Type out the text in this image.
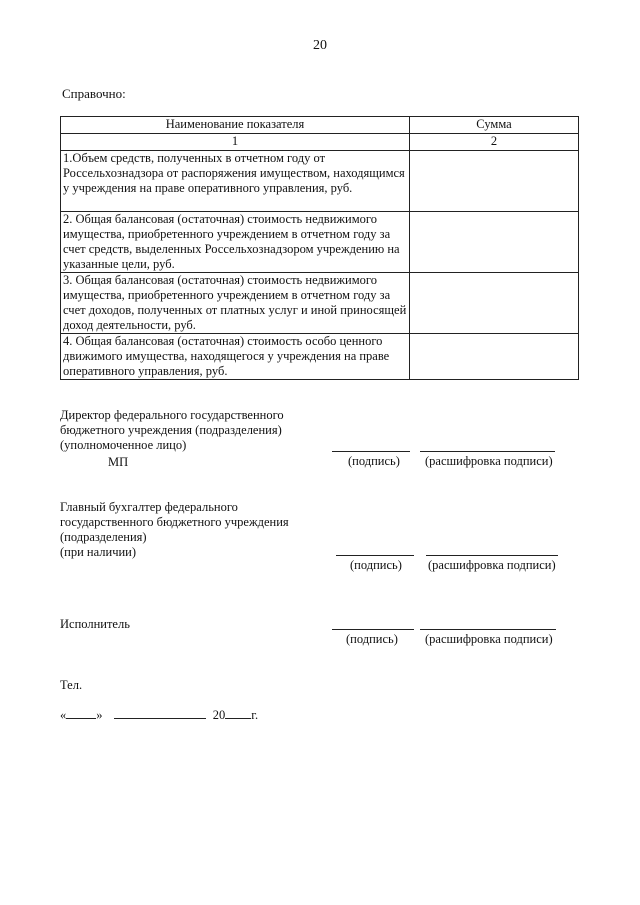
20
Справочно:
Наименование показателя	Сумма
1	2
1.Объем средств, полученных в отчетном году от Россельхознадзора от распоряжения имуществом, находящимся у учреждения на праве оперативного управления, руб.	
2. Общая балансовая (остаточная) стоимость недвижимого имущества, приобретенного учреждением в отчетном году за счет средств, выделенных Россельхознадзором учреждению на указанные цели, руб.	
3. Общая балансовая (остаточная) стоимость недвижимого имущества, приобретенного учреждением в отчетном году за счет доходов, полученных от платных услуг и иной приносящей доход деятельности, руб.	
4. Общая балансовая (остаточная) стоимость особо ценного движимого имущества, находящегося у учреждения на праве оперативного управления, руб.	
Директор федерального государственного
бюджетного учреждения (подразделения)
(уполномоченное лицо)
МП	(подпись) (расшифровка подписи)
Главный бухгалтер федерального
государственного бюджетного учреждения
(подразделения)
(при наличии)
(подпись) (расшифровка подписи)
Исполнитель
(подпись) (расшифровка подписи)
Тел.
« »	20 г.
